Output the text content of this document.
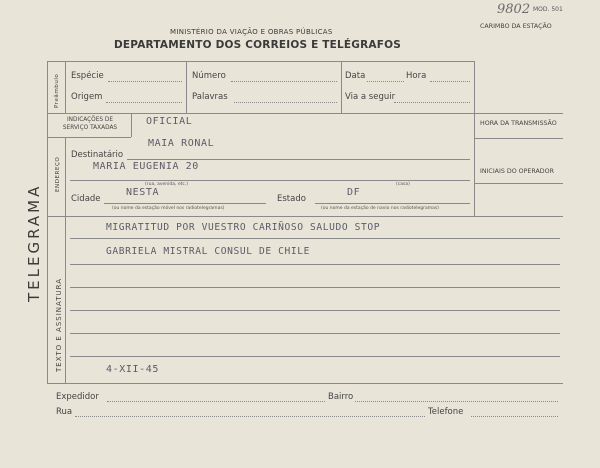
MINISTÉRIO DA VIAÇÃO E OBRAS PÚBLICAS
DEPARTAMENTO DOS CORREIOS E TELÉGRAFOS
MOD. 501
9802
CARIMBO DA ESTAÇÃO
TELEGRAMA
Preâmbulo Espécie	Número	Data	Hora
Origem	Palavras	Via a seguir
INDICAÇÕES DE SERVIÇO TAXADAS
OFICIAL	HORA DA TRANSMISSÃO
INICIAIS DO OPERADOR
ENDEREÇO
Destinatário
MAIA RONAL
MARIA EUGENIA 20
(rua, avenida, etc.)	(casa)
NESTA	DF
Cidade	Estado
(ou nome da estação móvel nos radiotelegramas)	(ou nome da estação de navio nos radiotelegramas)
TEXTO E ASSINATURA
MIGRATITUD POR VUESTRO CARIÑOSO SALUDO STOP
GABRIELA MISTRAL CONSUL DE CHILE
4-XII-45
Expedidor	Bairro
Rua	Telefone
